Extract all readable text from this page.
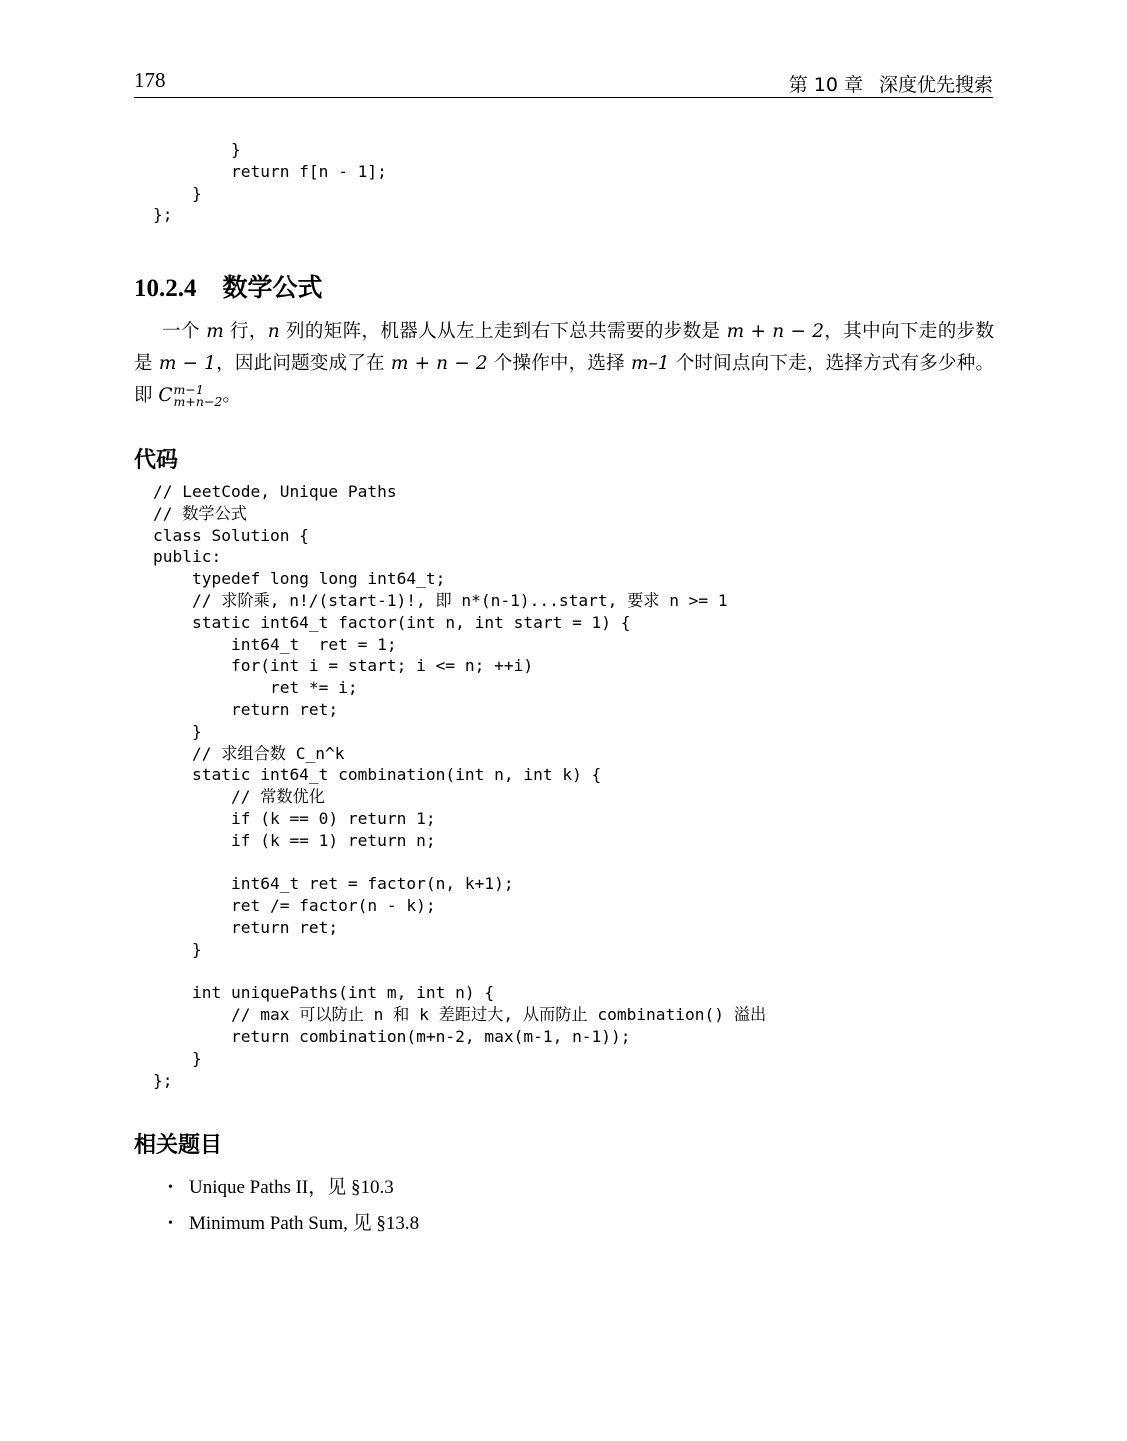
178	第 10 章 深度优先搜索
}
return f[n - 1];
}
};
10.2.4 数学公式

  一个 m 行，n 列的矩阵，机器人从左上走到右下总共需要的步数是 m + n − 2，其中向下走的步数是 m − 1，因此问题变成了在 m + n − 2 个操作中，选择 m–1 个时间点向下走，选择方式有多少种。即 C m−1
m+n−2 。

代码
// LeetCode, Unique Paths
// 数学公式
class Solution {
public:
typedef long long int64_t;
// 求阶乘, n!/(start-1)!, 即 n*(n-1)...start, 要求 n >= 1
static int64_t factor(int n, int start = 1) {
int64_t  ret = 1;
for(int i = start; i <= n; ++i)
ret *= i;
return ret;
}
// 求组合数 C_n^k
static int64_t combination(int n, int k) {
// 常数优化
if (k == 0) return 1;
if (k == 1) return n;

int64_t ret = factor(n, k+1);
ret /= factor(n - k);
return ret;
}

int uniquePaths(int m, int n) {
// max 可以防止 n 和 k 差距过大, 从而防止 combination() 溢出
return combination(m+n-2, max(m-1, n-1));
}
};
相关题目
• Unique Paths II，见 §10.3
• Minimum Path Sum, 见 §13.8
